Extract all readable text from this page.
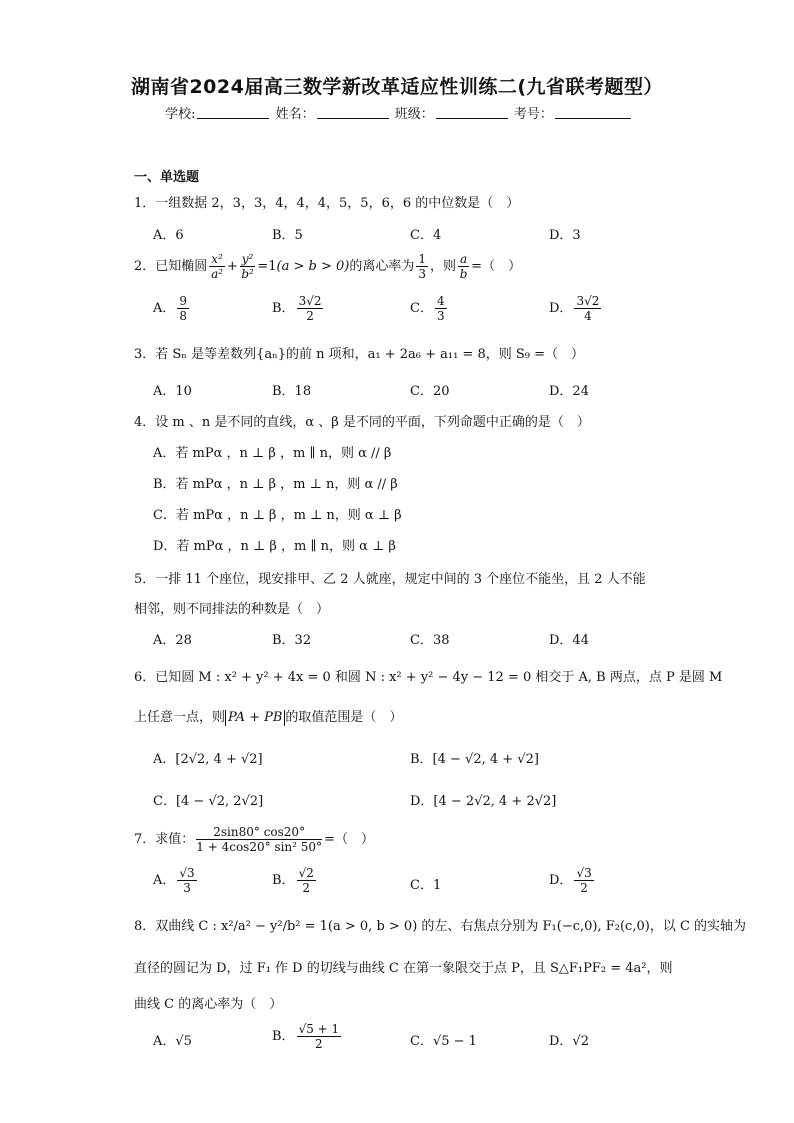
湖南省2024届高三数学新改革适应性训练二(九省联考题型）
学校:	姓名：	班级：	考号：
一、单选题
1．一组数据 2，3，3，4，4，4，5，5，6，6 的中位数是（　）
A．6	B．5	C．4	D．3
2．已知椭圆 $\frac{\text{x²}}{\text{a²}} + \frac{\text{y²}}{\text{b²}} =1(a > b > 0)$的离心率为 $\frac{1}{3}$ ，则 $\frac{a}{b}$ =（　）
A． $\frac{9}{8}$	B． $\frac{3√2}{2}$	C． $\frac{4}{3}$	D． $\frac{3√2}{4}$
3．若 Sₙ 是等差数列{aₙ}的前 n 项和，a₁ + 2a₆ + a₁₁ = 8，则 S₉ =（　）
A．10	B．18	C．20	D．24
4．设 m 、n 是不同的直线，α 、β 是不同的平面，下列命题中正确的是（　）
A．若 mPα ，n ⊥ β ，m ∥ n，则 α // β
B．若 mPα ，n ⊥ β ，m ⊥ n，则 α // β
C．若 mPα ，n ⊥ β ，m ⊥ n，则 α ⊥ β
D．若 mPα ，n ⊥ β ，m ∥ n，则 α ⊥ β
5．一排 11 个座位，现安排甲、乙 2 人就座，规定中间的 3 个座位不能坐，且 2 人不能
相邻，则不同排法的种数是（　）
A．28	B．32	C．38	D．44
6．已知圆 M : x² + y² + 4x = 0 和圆 N : x² + y² − 4y − 12 = 0 相交于 A, B 两点，点 P 是圆 M
上任意一点，则 PA + PB 的取值范围是（　）
A．[2√2, 4 + √2]	B．[4 − √2, 4 + √2]
C．[4 − √2, 2√2]	D．[4 − 2√2, 4 + 2√2]
7．求值： $\frac{2\sin 80^\circ \cos 20^\circ}{\text{1 + 4cos20° sin² 50°}}$ =（　）
A． $\frac{√3}{3}$	B． $\frac{√2}{2}$	C．1	D． $\frac{√3}{2}$
8．双曲线 C : x²/a² − y²/b² = 1(a > 0, b > 0) 的左、右焦点分别为 F₁(−c,0), F₂(c,0)，以 C 的实轴为
直径的圆记为 D，过 F₁ 作 D 的切线与曲线 C 在第一象限交于点 P，且 S△F₁PF₂ = 4a²，则
曲线 C 的离心率为（　）
A．√5	B． $\frac{√5 + 1}{2}$	C．√5 − 1	D．√2
